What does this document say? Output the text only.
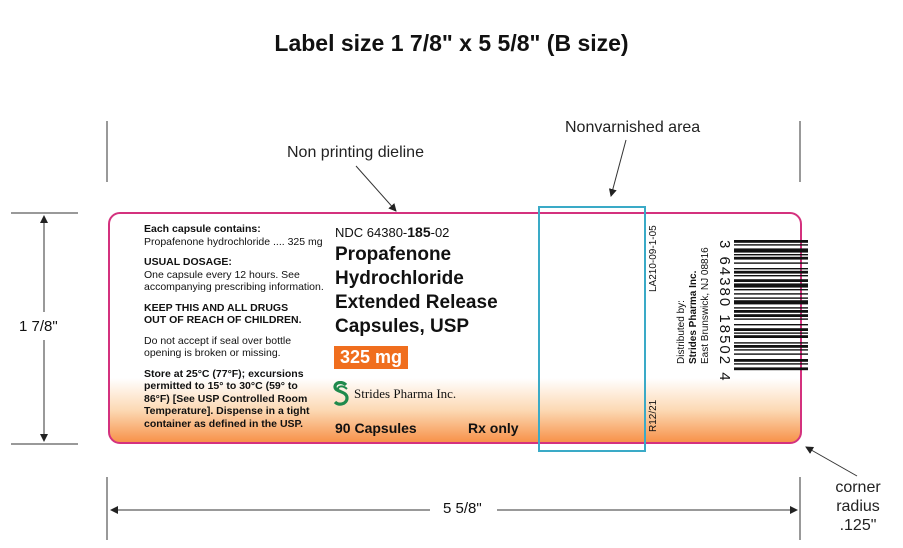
Label size 1 7/8" x 5 5/8" (B size)
Non printing dieline
Nonvarnished area
corner
radius
.125"
1 7/8"
5 5/8"
Each capsule contains:
Propafenone hydrochloride .... 325 mg
USUAL DOSAGE:
One capsule every 12 hours. See
accompanying prescribing information.
KEEP THIS AND ALL DRUGS
OUT OF REACH OF CHILDREN.
Do not accept if seal over bottle
opening is broken or missing.
Store at 25°C (77°F); excursions
permitted to 15° to 30°C (59° to
86°F) [See USP Controlled Room
Temperature]. Dispense in a tight
container as defined in the USP.
NDC 64380-185-02
Propafenone
Hydrochloride
Extended Release
Capsules, USP
325 mg
Strides Pharma Inc.
90 Capsules	Rx only
LA210-09-1-05
R12/21
Distributed by: Strides Pharma Inc. East Brunswick, NJ 08816 3 64380 18502 4
